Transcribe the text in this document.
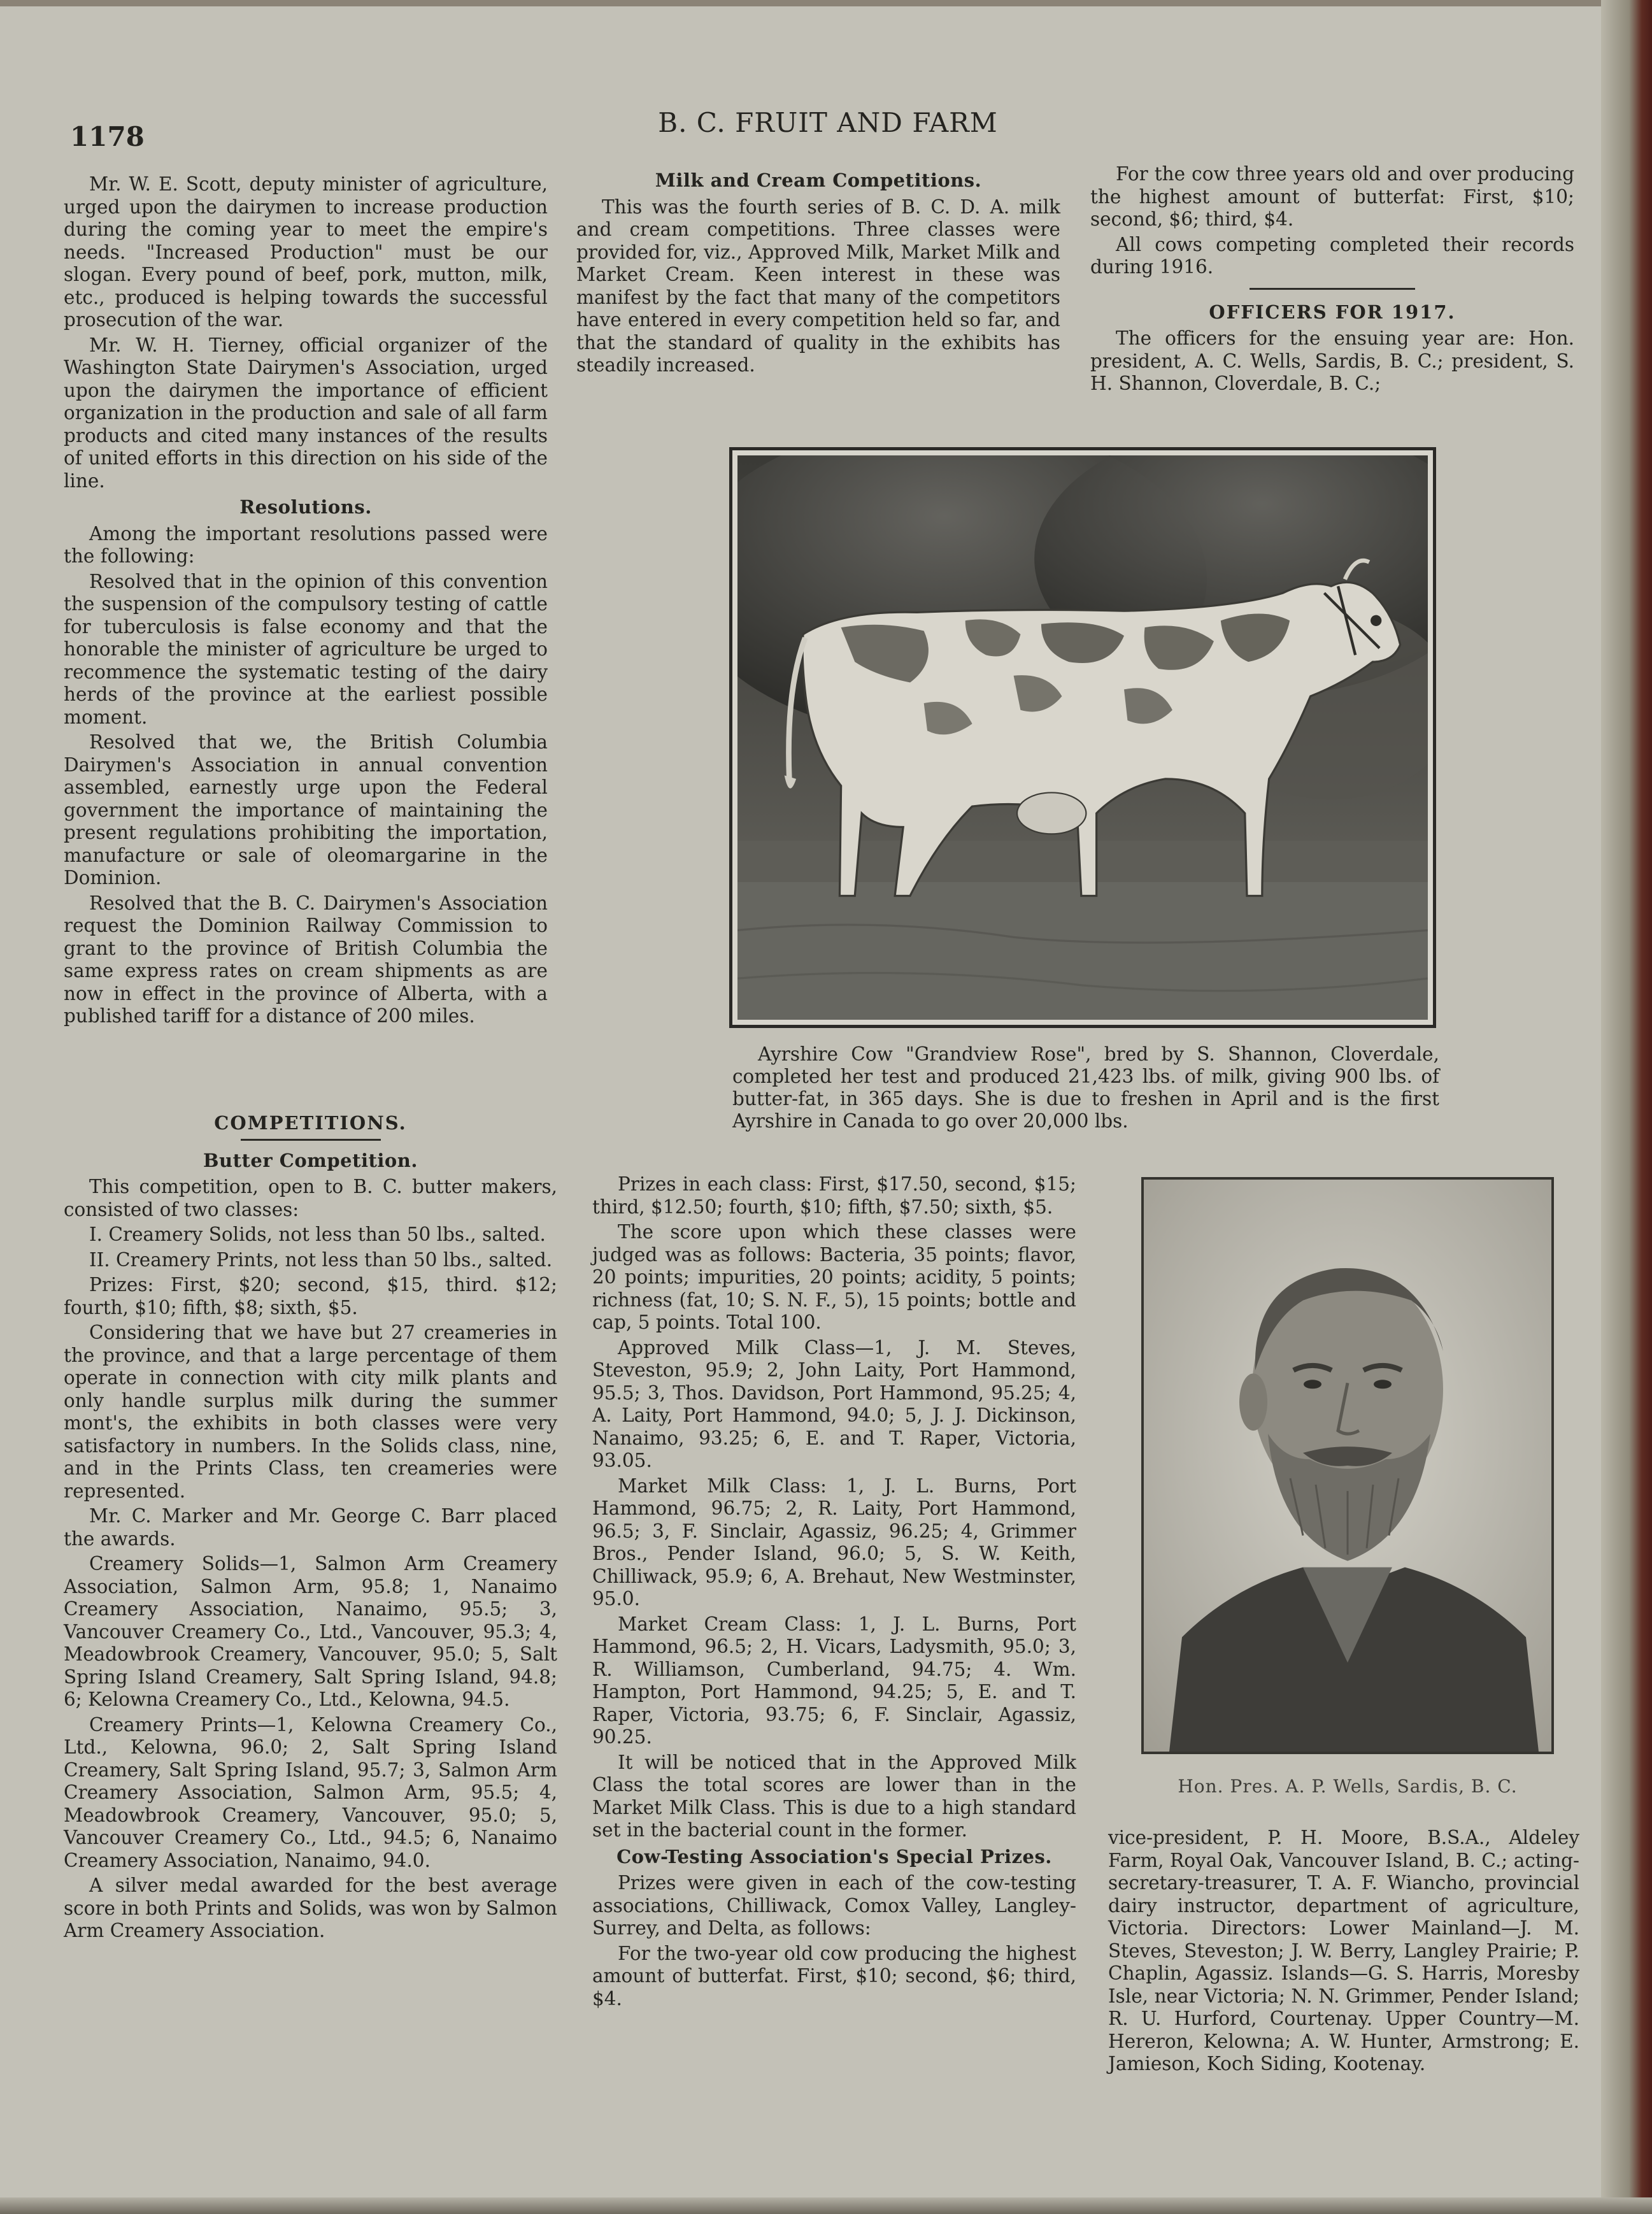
1178	B. C. FRUIT AND FARM

Mr. W. E. Scott, deputy minister of agriculture, urged upon the dairymen to increase production during the coming year to meet the empire's needs. "Increased Production" must be our slogan. Every pound of beef, pork, mutton, milk, etc., produced is helping towards the successful prosecution of the war.

Mr. W. H. Tierney, official organizer of the Washington State Dairymen's Association, urged upon the dairymen the importance of efficient organization in the production and sale of all farm products and cited many instances of the results of united efforts in this direction on his side of the line.

Resolutions.

Among the important resolutions passed were the following:

Resolved that in the opinion of this convention the suspension of the compulsory testing of cattle for tuberculosis is false economy and that the honorable the minister of agriculture be urged to recommence the systematic testing of the dairy herds of the province at the earliest possible moment.

Resolved that we, the British Columbia Dairymen's Association in annual convention assembled, earnestly urge upon the Federal government the importance of maintaining the present regulations prohibiting the importation, manufacture or sale of oleomargarine in the Dominion.

Resolved that the B. C. Dairymen's Association request the Dominion Railway Commission to grant to the province of British Columbia the same express rates on cream shipments as are now in effect in the province of Alberta, with a published tariff for a distance of 200 miles.

Milk and Cream Competitions.

This was the fourth series of B. C. D. A. milk and cream competitions. Three classes were provided for, viz., Approved Milk, Market Milk and Market Cream. Keen interest in these was manifest by the fact that many of the competitors have entered in every competition held so far, and that the standard of quality in the exhibits has steadily increased.

For the cow three years old and over producing the highest amount of butterfat: First, $10; second, $6; third, $4.

All cows competing completed their records during 1916.

OFFICERS FOR 1917.

The officers for the ensuing year are: Hon. president, A. C. Wells, Sardis, B. C.; president, S. H. Shannon, Cloverdale, B. C.;

Ayrshire Cow "Grandview Rose", bred by S. Shannon, Cloverdale, completed her test and produced 21,423 lbs. of milk, giving 900 lbs. of butter-fat, in 365 days. She is due to freshen in April and is the first Ayrshire in Canada to go over 20,000 lbs.
COMPETITIONS.
Butter Competition.

This competition, open to B. C. butter makers, consisted of two classes:

I. Creamery Solids, not less than 50 lbs., salted.

II. Creamery Prints, not less than 50 lbs., salted.

Prizes: First, $20; second, $15, third. $12; fourth, $10; fifth, $8; sixth, $5.

Considering that we have but 27 creameries in the province, and that a large percentage of them operate in connection with city milk plants and only handle surplus milk during the summer mont's, the exhibits in both classes were very satisfactory in numbers. In the Solids class, nine, and in the Prints Class, ten creameries were represented.

Mr. C. Marker and Mr. George C. Barr placed the awards.

Creamery Solids—1, Salmon Arm Creamery Association, Salmon Arm, 95.8; 1, Nanaimo Creamery Association, Nanaimo, 95.5; 3, Vancouver Creamery Co., Ltd., Vancouver, 95.3; 4, Meadowbrook Creamery, Vancouver, 95.0; 5, Salt Spring Island Creamery, Salt Spring Island, 94.8; 6; Kelowna Creamery Co., Ltd., Kelowna, 94.5.

Creamery Prints—1, Kelowna Creamery Co., Ltd., Kelowna, 96.0; 2, Salt Spring Island Creamery, Salt Spring Island, 95.7; 3, Salmon Arm Creamery Association, Salmon Arm, 95.5; 4, Meadowbrook Creamery, Vancouver, 95.0; 5, Vancouver Creamery Co., Ltd., 94.5; 6, Nanaimo Creamery Association, Nanaimo, 94.0.

A silver medal awarded for the best average score in both Prints and Solids, was won by Salmon Arm Creamery Association.

Prizes in each class: First, $17.50, second, $15; third, $12.50; fourth, $10; fifth, $7.50; sixth, $5.

The score upon which these classes were judged was as follows: Bacteria, 35 points; flavor, 20 points; impurities, 20 points; acidity, 5 points; richness (fat, 10; S. N. F., 5), 15 points; bottle and cap, 5 points. Total 100.

Approved Milk Class—1, J. M. Steves, Steveston, 95.9; 2, John Laity, Port Hammond, 95.5; 3, Thos. Davidson, Port Hammond, 95.25; 4, A. Laity, Port Hammond, 94.0; 5, J. J. Dickinson, Nanaimo, 93.25; 6, E. and T. Raper, Victoria, 93.05.

Market Milk Class: 1, J. L. Burns, Port Hammond, 96.75; 2, R. Laity, Port Hammond, 96.5; 3, F. Sinclair, Agassiz, 96.25; 4, Grimmer Bros., Pender Island, 96.0; 5, S. W. Keith, Chilliwack, 95.9; 6, A. Brehaut, New Westminster, 95.0.

Market Cream Class: 1, J. L. Burns, Port Hammond, 96.5; 2, H. Vicars, Ladysmith, 95.0; 3, R. Williamson, Cumberland, 94.75; 4. Wm. Hampton, Port Hammond, 94.25; 5, E. and T. Raper, Victoria, 93.75; 6, F. Sinclair, Agassiz, 90.25.

It will be noticed that in the Approved Milk Class the total scores are lower than in the Market Milk Class. This is due to a high standard set in the bacterial count in the former.

Cow-Testing Association's Special Prizes.

Prizes were given in each of the cow-testing associations, Chilliwack, Comox Valley, Langley-Surrey, and Delta, as follows:

For the two-year old cow producing the highest amount of butterfat. First, $10; second, $6; third, $4.

Hon. Pres. A. P. Wells, Sardis, B. C.

vice-president, P. H. Moore, B.S.A., Aldeley Farm, Royal Oak, Vancouver Island, B. C.; acting-secretary-treasurer, T. A. F. Wiancho, provincial dairy instructor, department of agriculture, Victoria. Directors: Lower Mainland—J. M. Steves, Steveston; J. W. Berry, Langley Prairie; P. Chaplin, Agassiz. Islands—G. S. Harris, Moresby Isle, near Victoria; N. N. Grimmer, Pender Island; R. U. Hurford, Courtenay. Upper Country—M. Hereron, Kelowna; A. W. Hunter, Armstrong; E. Jamieson, Koch Siding, Kootenay.
